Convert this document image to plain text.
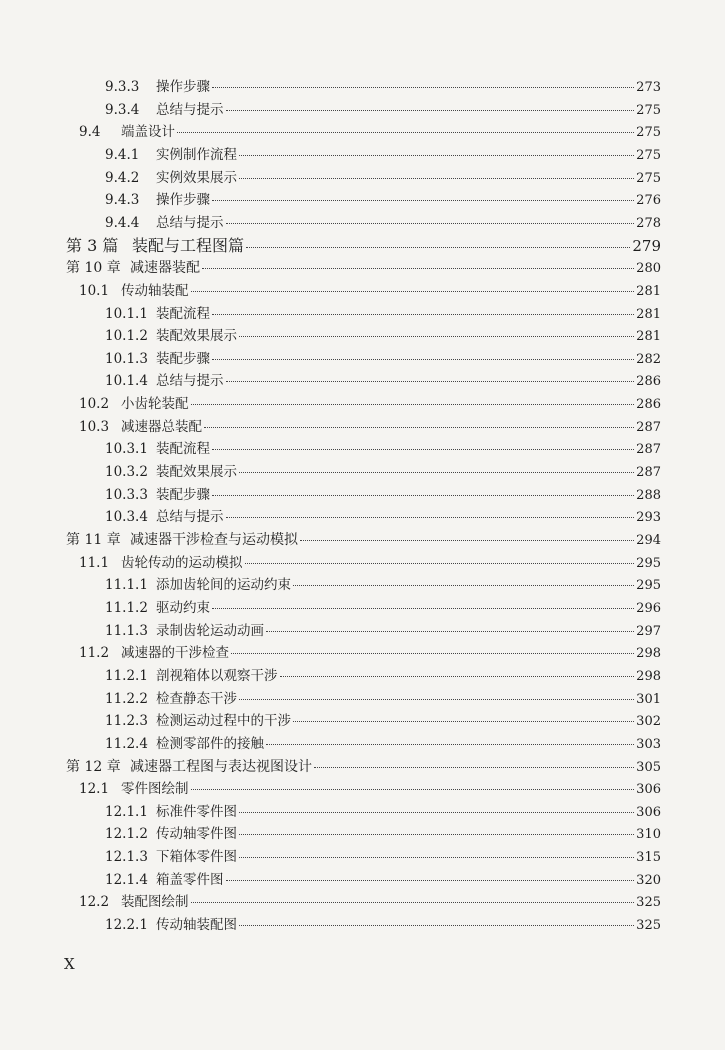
9.3.3	操作步骤	273
9.3.4	总结与提示	275
9.4	端盖设计	275
9.4.1	实例制作流程	275
9.4.2	实例效果展示	275
9.4.3	操作步骤	276
9.4.4	总结与提示	278
第 3 篇 装配与工程图篇	279
第 10 章 减速器装配	280
10.1 传动轴装配	281
10.1.1 装配流程	281
10.1.2 装配效果展示	281
10.1.3 装配步骤	282
10.1.4 总结与提示	286
10.2 小齿轮装配	286
10.3 减速器总装配	287
10.3.1 装配流程	287
10.3.2 装配效果展示	287
10.3.3 装配步骤	288
10.3.4 总结与提示	293
第 11 章 减速器干涉检查与运动模拟	294
11.1 齿轮传动的运动模拟	295
11.1.1 添加齿轮间的运动约束	295
11.1.2 驱动约束	296
11.1.3 录制齿轮运动动画	297
11.2 减速器的干涉检查	298
11.2.1 剖视箱体以观察干涉	298
11.2.2 检查静态干涉	301
11.2.3 检测运动过程中的干涉	302
11.2.4 检测零部件的接触	303
第 12 章 减速器工程图与表达视图设计	305
12.1 零件图绘制	306
12.1.1 标准件零件图	306
12.1.2 传动轴零件图	310
12.1.3 下箱体零件图	315
12.1.4 箱盖零件图	320
12.2 装配图绘制	325
12.2.1 传动轴装配图	325
X
